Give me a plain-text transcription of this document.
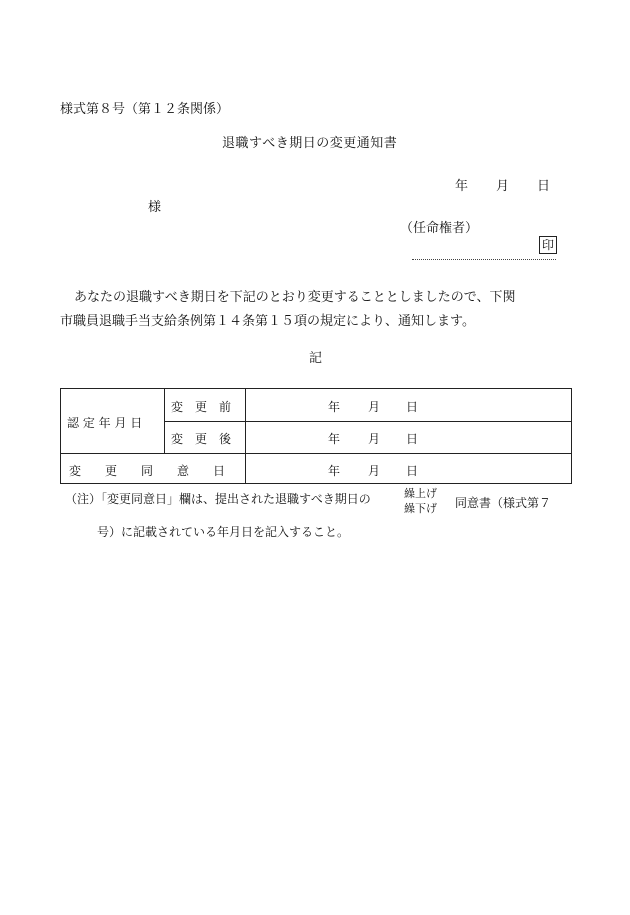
様式第８号（第１２条関係）
退職すべき期日の変更通知書
年 月 日
様
（任命権者）
印
あなたの退職すべき期日を下記のとおり変更することとしましたので、下関
市職員退職手当支給条例第１４条第１５項の規定により、通知します。
記
認 定 年 月 日
変　更　前	年 月 日
変　更　後	年 月 日
変　　更　　同　　意　　日	年 月 日
（注）「変更同意日」欄は、提出された退職すべき期日の	繰上げ
繰下げ 同意書（様式第７
号）に記載されている年月日を記入すること。
